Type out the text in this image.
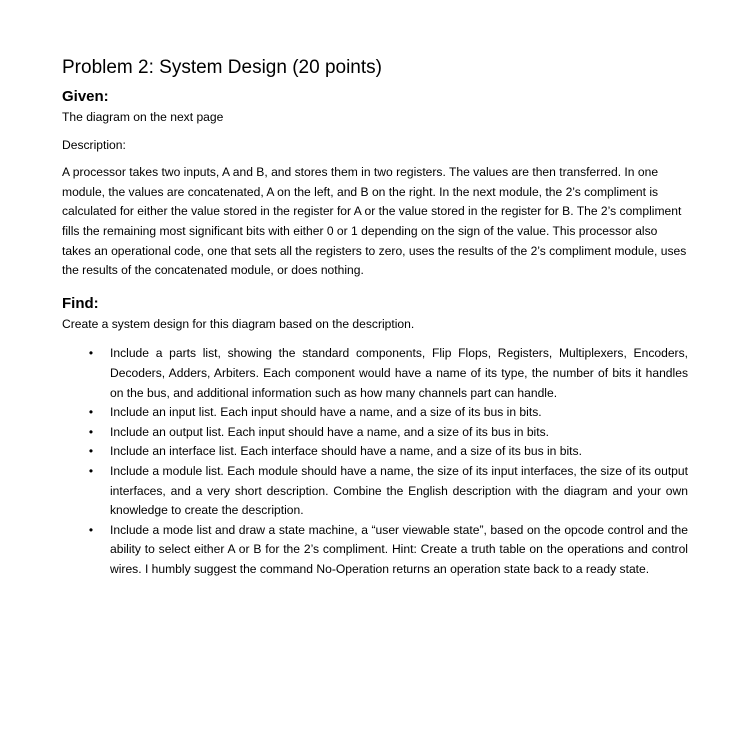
Problem 2: System Design (20 points)
Given:

The diagram on the next page

Description:

A processor takes two inputs, A and B, and stores them in two registers. The values are then transferred. In one module, the values are concatenated, A on the left, and B on the right. In the next module, the 2’s compliment is calculated for either the value stored in the register for A or the value stored in the register for B. The 2’s compliment fills the remaining most significant bits with either 0 or 1 depending on the sign of the value. This processor also takes an operational code, one that sets all the registers to zero, uses the results of the 2’s compliment module, uses the results of the concatenated module, or does nothing.

Find:

Create a system design for this diagram based on the description.

• Include a parts list, showing the standard components, Flip Flops, Registers, Multiplexers, Encoders, Decoders, Adders, Arbiters. Each component would have a name of its type, the number of bits it handles on the bus, and additional information such as how many channels part can handle.
• Include an input list. Each input should have a name, and a size of its bus in bits.
• Include an output list. Each input should have a name, and a size of its bus in bits.
• Include an interface list. Each interface should have a name, and a size of its bus in bits.
• Include a module list. Each module should have a name, the size of its input interfaces, the size of its output interfaces, and a very short description. Combine the English description with the diagram and your own knowledge to create the description.
• Include a mode list and draw a state machine, a “user viewable state”, based on the opcode control and the ability to select either A or B for the 2’s compliment. Hint: Create a truth table on the operations and control wires. I humbly suggest the command No-Operation returns an operation state back to a ready state.
